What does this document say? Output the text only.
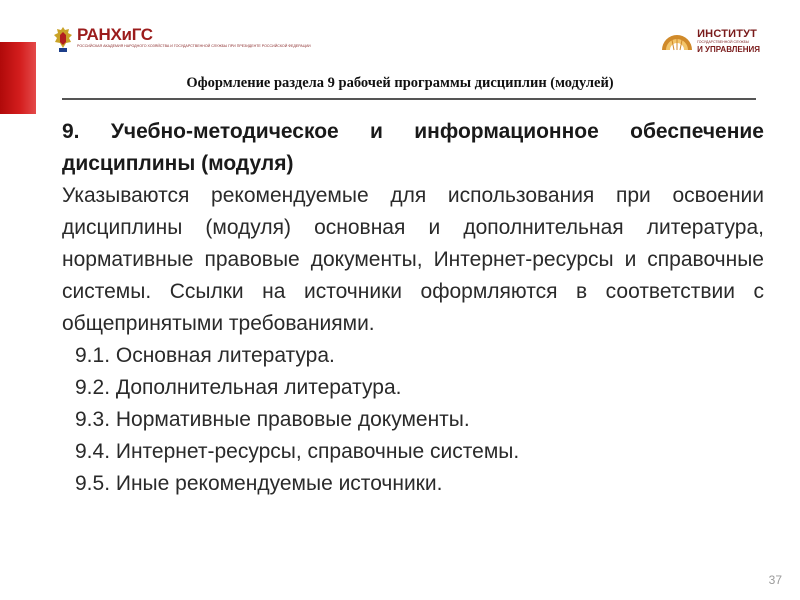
РАНХиГС
РОССИЙСКАЯ АКАДЕМИЯ НАРОДНОГО ХОЗЯЙСТВА И ГОСУДАРСТВЕННОЙ СЛУЖБЫ ПРИ ПРЕЗИДЕНТЕ РОССИЙСКОЙ ФЕДЕРАЦИИ
ИНСТИТУТ
ГОСУДАРСТВЕННОЙ СЛУЖБЫ
И УПРАВЛЕНИЯ
Оформление раздела 9 рабочей программы дисциплин (модулей)
9. Учебно-методическое и информационное обеспечение дисциплины (модуля)
Указываются рекомендуемые для использования при освоении дисциплины (модуля) основная и дополнительная литература, нормативные правовые документы, Интернет-ресурсы и справочные системы. Ссылки на источники оформляются в соответствии с общепринятыми требованиями.
9.1. Основная литература.
9.2. Дополнительная литература.
9.3. Нормативные правовые документы.
9.4. Интернет-ресурсы, справочные системы.
9.5. Иные рекомендуемые источники.
37
